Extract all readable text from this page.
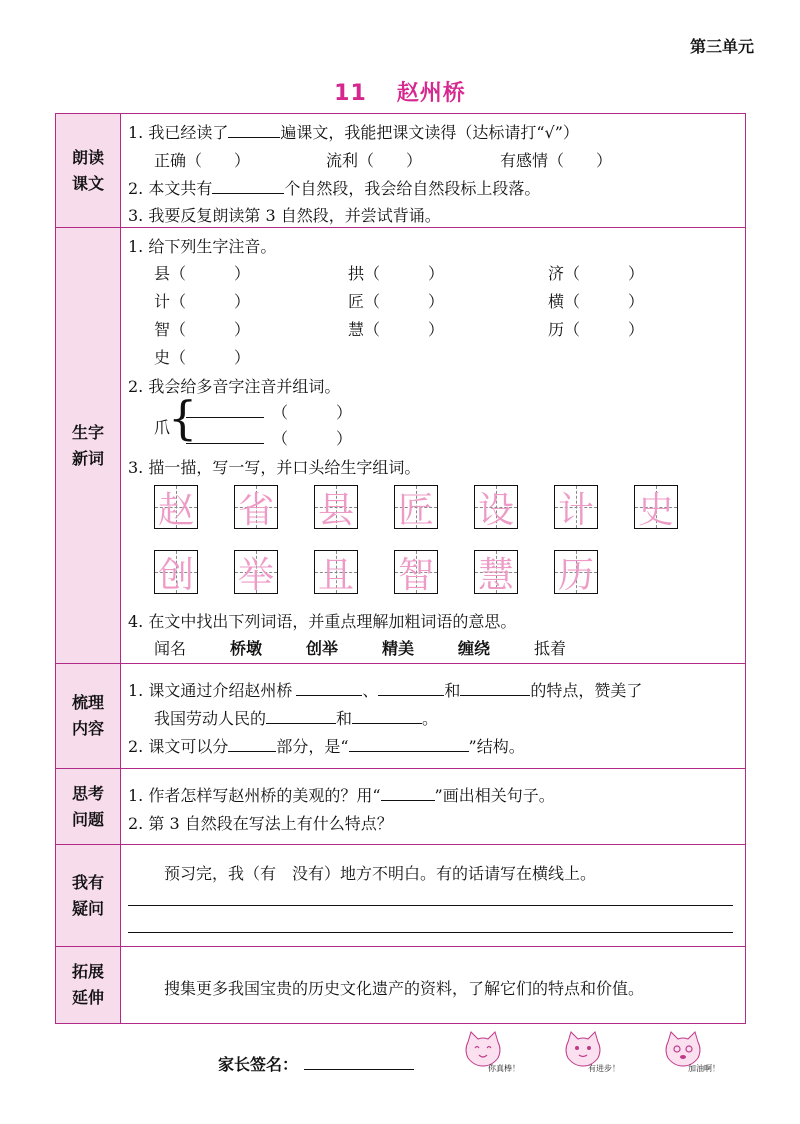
第三单元
11 赵州桥
朗读
课文
1. 我已经读了	遍课文，我能把课文读得（达标请打“√”）
正确（　　）	流利（　　）	有感情（　　）
2. 本文共有	个自然段，我会给自然段标上段落。
3. 我要反复朗读第 3 自然段，并尝试背诵。
生字
新词
1. 给下列生字注音。
县（　　　）	拱（　　　）	济（　　　）
计（　　　）	匠（　　　）	横（　　　）
智（　　　）	慧（　　　）	历（　　　）
史（　　　）
2. 我会给多音字注音并组词。
爪
{
　	（　　　）
　（　　　）
3. 描一描，写一写，并口头给生字组词。
赵 省 县 匠 设 计 史
创 举 且 智 慧 历
4. 在文中找出下列词语，并重点理解加粗词语的意思。
闻名	桥墩	创举	精美	缠绕	抵着
梳理
内容
1. 课文通过介绍赵州桥	、	和	的特点，赞美了
我国劳动人民的	和	。
2. 课文可以分	部分，是“	”结构。
思考
问题
1. 作者怎样写赵州桥的美观的？用“	”画出相关句子。
2. 第 3 自然段在写法上有什么特点？
我有
疑问
预习完，我（有　没有）地方不明白。有的话请写在横线上。
拓展
延伸	搜集更多我国宝贵的历史文化遗产的资料，了解它们的特点和价值。
家长签名：	你真棒！	有进步！	加油啊！
